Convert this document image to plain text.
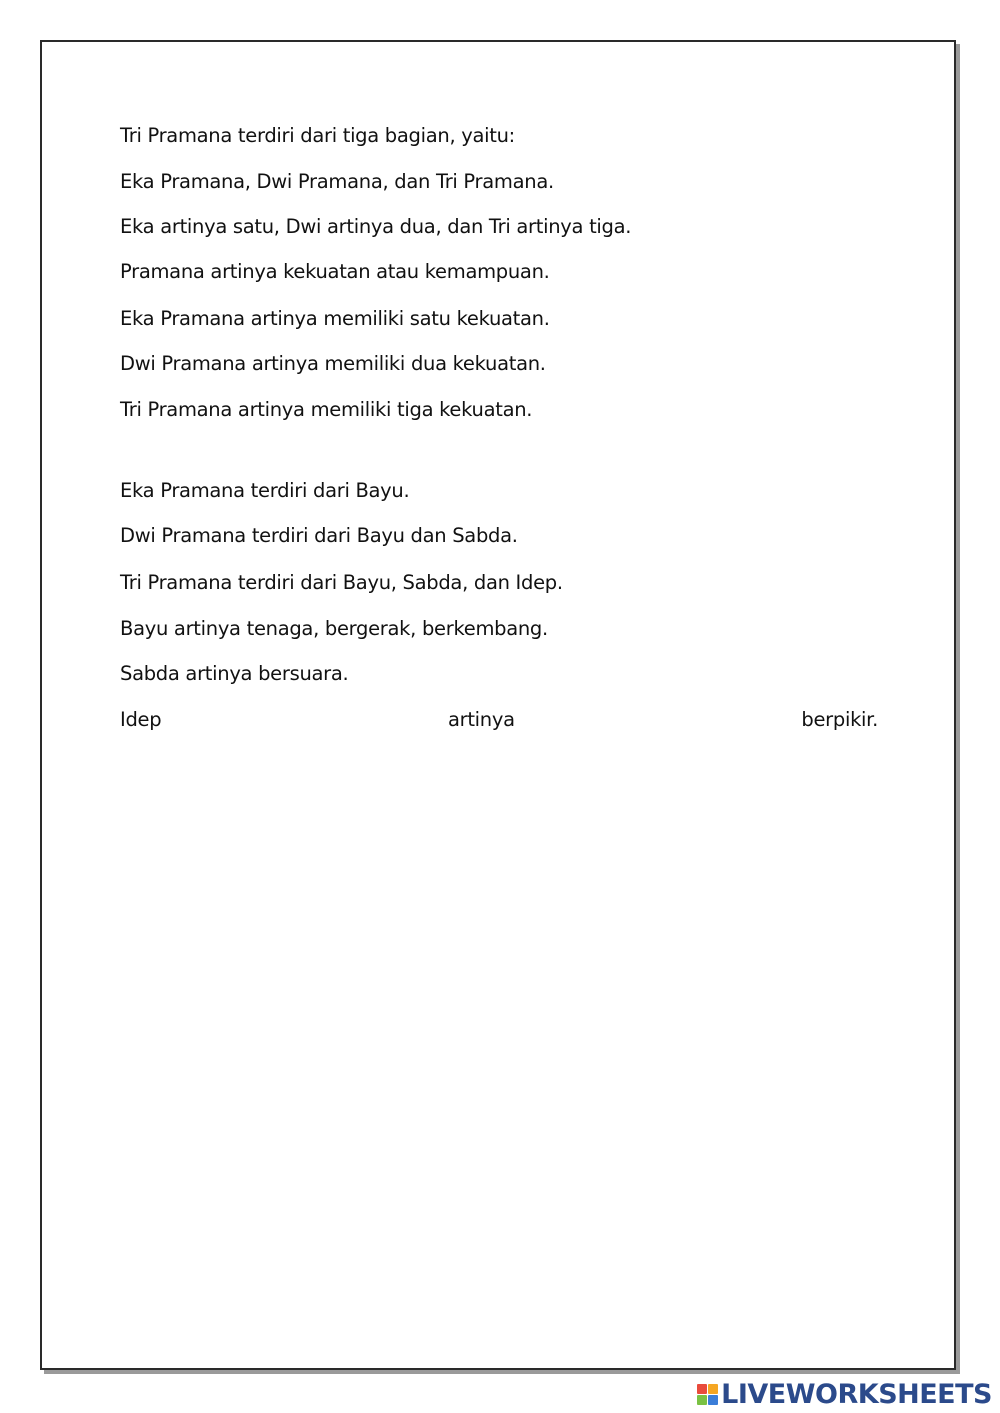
Tri Pramana terdiri dari tiga bagian, yaitu:
Eka Pramana, Dwi Pramana, dan Tri Pramana.
Eka artinya satu, Dwi artinya dua, dan Tri artinya tiga.
Pramana artinya kekuatan atau kemampuan.
Eka Pramana artinya memiliki satu kekuatan.
Dwi Pramana artinya memiliki dua kekuatan.
Tri Pramana artinya memiliki tiga kekuatan.
Eka Pramana terdiri dari Bayu.
Dwi Pramana terdiri dari Bayu dan Sabda.
Tri Pramana terdiri dari Bayu, Sabda, dan Idep.
Bayu artinya tenaga, bergerak, berkembang.
Sabda artinya bersuara.
Idep	artinya	berpikir.
LIVEWORKSHEETS
